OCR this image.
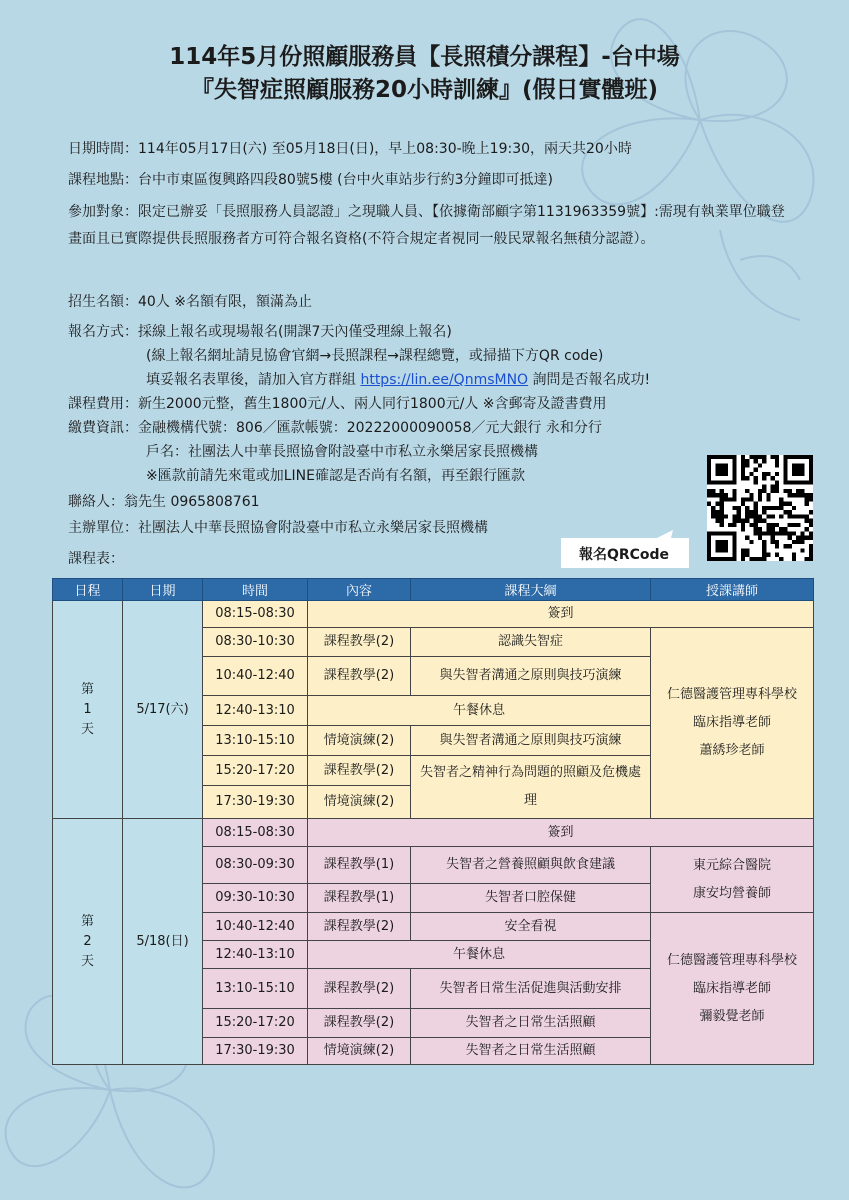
114年5月份照顧服務員【長照積分課程】-台中場
『失智症照顧服務20小時訓練』(假日實體班)
日期時間：114年05月17日(六) 至05月18日(日)，早上08:30-晚上19:30，兩天共20小時
課程地點：台中市東區復興路四段80號5樓 (台中火車站步行約3分鐘即可抵達)
參加對象：限定已辦妥「長照服務人員認證」之現職人員、【依據衛部顧字第1131963359號】:需現有執業單位職登畫面且已實際提供長照服務者方可符合報名資格(不符合規定者視同一般民眾報名無積分認證）。
招生名額：40人 ※名額有限，額滿為止
報名方式：採線上報名或現場報名(開課7天內僅受理線上報名)
(線上報名網址請見協會官網→長照課程→課程總覽，或掃描下方QR code)
填妥報名表單後，請加入官方群組 https://lin.ee/QnmsMNO 詢問是否報名成功!
課程費用：新生2000元整，舊生1800元/人、兩人同行1800元/人 ※含郵寄及證書費用
繳費資訊：金融機構代號：806／匯款帳號：20222000090058／元大銀行 永和分行
戶名：社團法人中華長照協會附設臺中市私立永樂居家長照機構
※匯款前請先來電或加LINE確認是否尚有名額，再至銀行匯款
聯絡人：翁先生 0965808761
主辦單位：社團法人中華長照協會附設臺中市私立永樂居家長照機構
課程表：	報名QRCode
日程	日期	時間	內容	課程大綱	授課講師
第
1
天	5/17(六)	08:15-08:30	簽到		
		08:30-10:30	課程教學(2)	認識失智症	仁德醫護管理專科學校
臨床指導老師
蕭綉珍老師

		10:40-12:40	課程教學(2)	與失智者溝通之原則與技巧演練	
		12:40-13:10	午餐休息		
		13:10-15:10	情境演練(2)	與失智者溝通之原則與技巧演練	
		15:20-17:20	課程教學(2)	失智者之精神行為問題的照顧及危機處理	
		17:30-19:30	情境演練(2)		
第
2
天	5/18(日)	08:15-08:30	簽到		
		08:30-09:30	課程教學(1)	失智者之營養照顧與飲食建議	東元綜合醫院
康安均營養師

		09:30-10:30	課程教學(1)	失智者口腔保健	
		10:40-12:40	課程教學(2)	安全看視	仁德醫護管理專科學校
臨床指導老師
彌毅覺老師

		12:40-13:10	午餐休息		
		13:10-15:10	課程教學(2)	失智者日常生活促進與活動安排	
		15:20-17:20	課程教學(2)	失智者之日常生活照顧	
		17:30-19:30	情境演練(2)	失智者之日常生活照顧	
